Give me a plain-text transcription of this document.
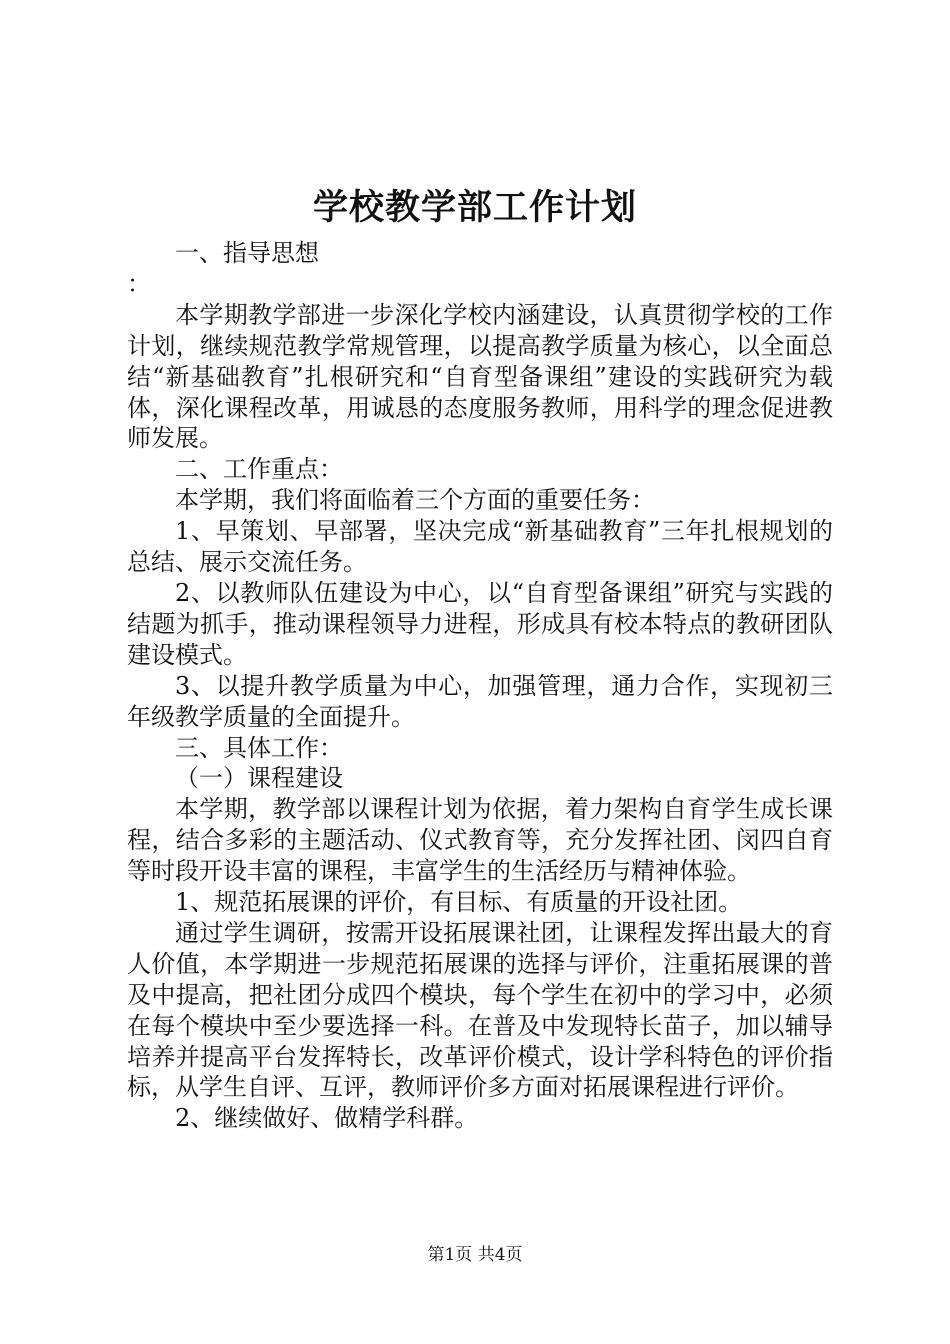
学校教学部工作计划

一、指导思想

：

本学期教学部进一步深化学校内涵建设，认真贯彻学校的工作计划，继续规范教学常规管理，以提高教学质量为核心，以全面总结“新基础教育”扎根研究和“自育型备课组”建设的实践研究为载体，深化课程改革，用诚恳的态度服务教师，用科学的理念促进教师发展。

二、工作重点：

本学期，我们将面临着三个方面的重要任务：

1、早策划、早部署，坚决完成“新基础教育”三年扎根规划的总结、展示交流任务。

2、以教师队伍建设为中心，以“自育型备课组”研究与实践的结题为抓手，推动课程领导力进程，形成具有校本特点的教研团队建设模式。

3、以提升教学质量为中心，加强管理，通力合作，实现初三年级教学质量的全面提升。

三、具体工作：

（一）课程建设

本学期，教学部以课程计划为依据，着力架构自育学生成长课程，结合多彩的主题活动、仪式教育等，充分发挥社团、闵四自育等时段开设丰富的课程，丰富学生的生活经历与精神体验。

1、规范拓展课的评价，有目标、有质量的开设社团。

通过学生调研，按需开设拓展课社团，让课程发挥出最大的育人价值，本学期进一步规范拓展课的选择与评价，注重拓展课的普及中提高，把社团分成四个模块，每个学生在初中的学习中，必须在每个模块中至少要选择一科。在普及中发现特长苗子，加以辅导培养并提高平台发挥特长，改革评价模式，设计学科特色的评价指标，从学生自评、互评，教师评价多方面对拓展课程进行评价。

2、继续做好、做精学科群。

第1页 共4页
